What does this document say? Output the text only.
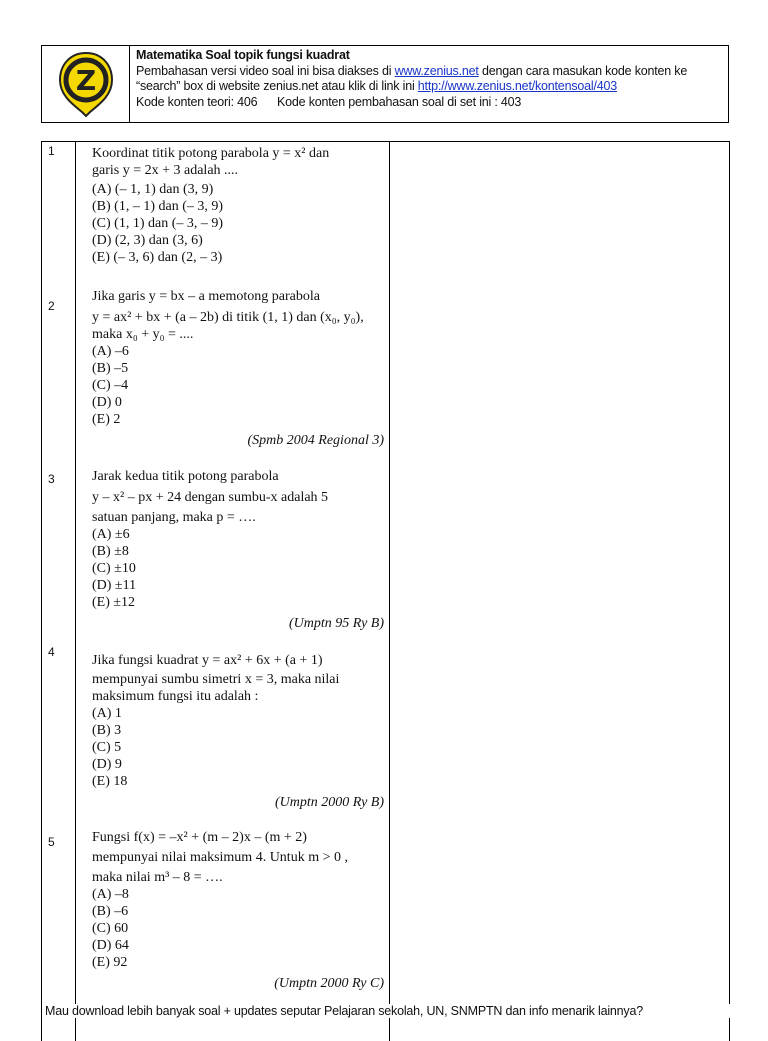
Z
Matematika Soal topik fungsi kuadrat
Pembahasan versi video soal ini bisa diakses di www.zenius.net dengan cara masukan kode konten ke
“search” box di website zenius.net atau klik di link ini http://www.zenius.net/kontensoal/403
Kode konten teori: 406      Kode konten pembahasan soal di set ini : 403
1	Koordinat titik potong parabola y = x² dan
garis y = 2x + 3 adalah ....
(A) (– 1, 1) dan (3, 9)
(B) (1, – 1) dan (– 3, 9)
(C) (1, 1) dan (– 3, – 9)
(D) (2, 3) dan (3, 6)
(E) (– 3, 6) dan (2, – 3)
2
Jika garis y = bx – a memotong parabola
y = ax² + bx + (a – 2b) di titik (1, 1) dan (x₀, y₀),
maka x₀ + y₀ = ....
(A) –6
(B) –5
(C) –4
(D) 0
(E) 2
(Spmb 2004 Regional 3)
3	Jarak kedua titik potong parabola
y – x² – px + 24 dengan sumbu-x adalah 5
satuan panjang, maka p = ….
(A) ±6
(B) ±8
(C) ±10
(D) ±11
(E) ±12
(Umptn 95 Ry B)
4
Jika fungsi kuadrat y = ax² + 6x + (a + 1)
mempunyai sumbu simetri x = 3, maka nilai
maksimum fungsi itu adalah :
(A) 1
(B) 3
(C) 5
(D) 9
(E) 18
(Umptn 2000 Ry B)
5	Fungsi f(x) = –x² + (m – 2)x – (m + 2)
mempunyai nilai maksimum 4. Untuk m > 0 ,
maka nilai m³ – 8 = ….
(A) –8
(B) –6
(C) 60
(D) 64
(E) 92
(Umptn 2000 Ry C)
Mau download lebih banyak soal + updates seputar Pelajaran sekolah, UN, SNMPTN dan info menarik lainnya?
